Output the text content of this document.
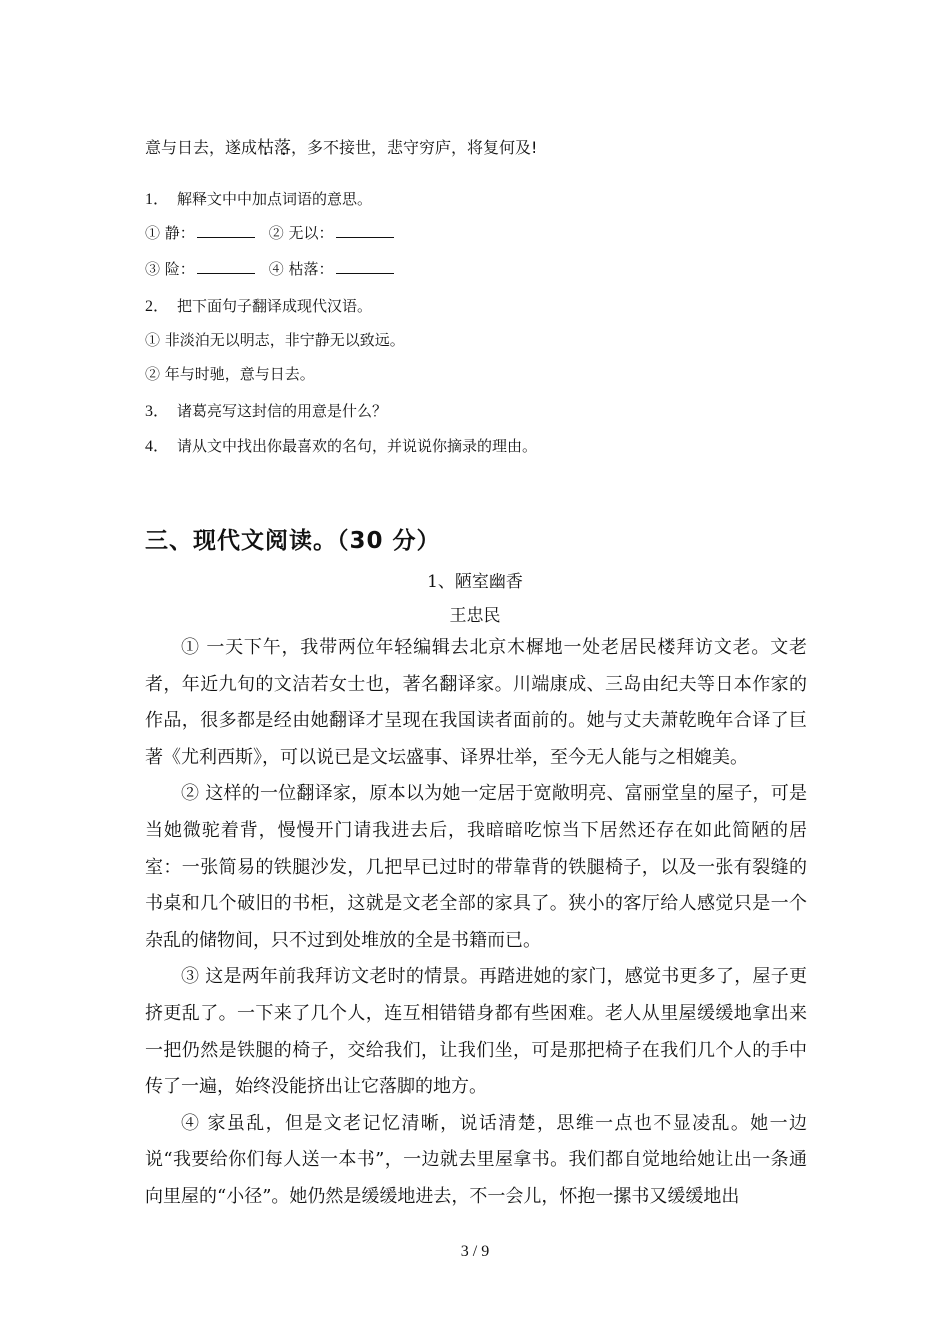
意与日去，遂成枯落 • •，多不接世，悲守穷庐，将复何及!
1． 解释文中中加点词语的意思。
① 静：	② 无以：
③ 险：	④ 枯落：
2． 把下面句子翻译成现代汉语。
① 非淡泊无以明志，非宁静无以致远。
② 年与时驰，意与日去。
3． 诸葛亮写这封信的用意是什么？
4． 请从文中找出你最喜欢的名句，并说说你摘录的理由。
三、现代文阅读。（30 分）
1、陋室幽香
王忠民

① 一天下午，我带两位年轻编辑去北京木樨地一处老居民楼拜访文老。文老者，年近九旬的文洁若女士也，著名翻译家。川端康成、三岛由纪夫等日本作家的作品，很多都是经由她翻译才呈现在我国读者面前的。她与丈夫萧乾晚年合译了巨著《尤利西斯》，可以说已是文坛盛事、译界壮举，至今无人能与之相媲美。

② 这样的一位翻译家，原本以为她一定居于宽敞明亮、富丽堂皇的屋子，可是当她微驼着背，慢慢开门请我进去后，我暗暗吃惊当下居然还存在如此简陋的居室：一张简易的铁腿沙发，几把早已过时的带靠背的铁腿椅子，以及一张有裂缝的书桌和几个破旧的书柜，这就是文老全部的家具了。狭小的客厅给人感觉只是一个杂乱的储物间，只不过到处堆放的全是书籍而已。

③ 这是两年前我拜访文老时的情景。再踏进她的家门，感觉书更多了，屋子更挤更乱了。一下来了几个人，连互相错错身都有些困难。老人从里屋缓缓地拿出来一把仍然是铁腿的椅子，交给我们，让我们坐，可是那把椅子在我们几个人的手中传了一遍，始终没能挤出让它落脚的地方。

④ 家虽乱，但是文老记忆清晰，说话清楚，思维一点也不显凌乱。她一边说“我要给你们每人送一本书”，一边就去里屋拿书。我们都自觉地给她让出一条通向里屋的“小径”。她仍然是缓缓地进去，不一会儿，怀抱一摞书又缓缓地出

3 / 9
